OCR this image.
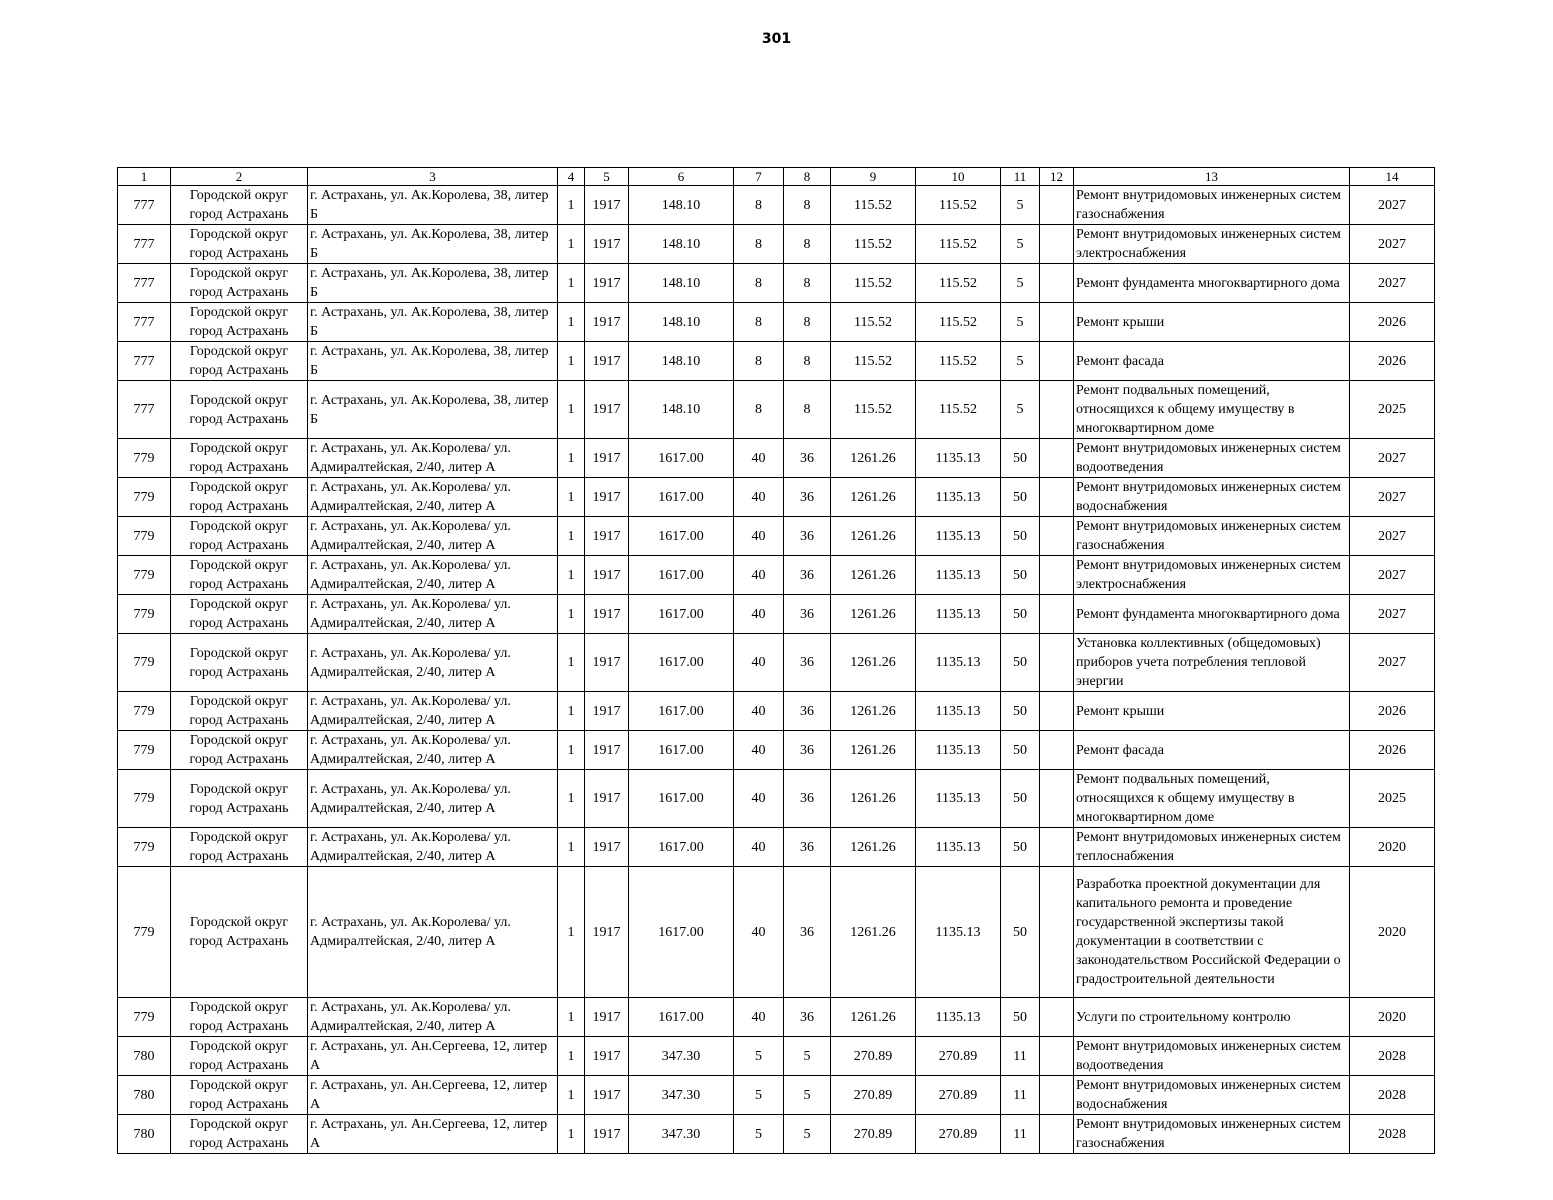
301
1	2	3	4	5	6	7	8	9	10	11	12	13	14
777	Городской округ город Астрахань	г. Астрахань, ул. Ак.Королева, 38, литер Б	1	1917	148.10	8	8	115.52	115.52	5		Ремонт внутридомовых инженерных систем газоснабжения	2027
777	Городской округ город Астрахань	г. Астрахань, ул. Ак.Королева, 38, литер Б	1	1917	148.10	8	8	115.52	115.52	5		Ремонт внутридомовых инженерных систем электроснабжения	2027
777	Городской округ город Астрахань	г. Астрахань, ул. Ак.Королева, 38, литер Б	1	1917	148.10	8	8	115.52	115.52	5		Ремонт фундамента многоквартирного дома	2027
777	Городской округ город Астрахань	г. Астрахань, ул. Ак.Королева, 38, литер Б	1	1917	148.10	8	8	115.52	115.52	5		Ремонт крыши	2026
777	Городской округ город Астрахань	г. Астрахань, ул. Ак.Королева, 38, литер Б	1	1917	148.10	8	8	115.52	115.52	5		Ремонт фасада	2026
777	Городской округ город Астрахань	г. Астрахань, ул. Ак.Королева, 38, литер Б	1	1917	148.10	8	8	115.52	115.52	5		Ремонт подвальных помещений, относящихся к общему имуществу в многоквартирном доме	2025
779	Городской округ город Астрахань	г. Астрахань, ул. Ак.Королева/ ул. Адмиралтейская, 2/40, литер А	1	1917	1617.00	40	36	1261.26	1135.13	50		Ремонт внутридомовых инженерных систем водоотведения	2027
779	Городской округ город Астрахань	г. Астрахань, ул. Ак.Королева/ ул. Адмиралтейская, 2/40, литер А	1	1917	1617.00	40	36	1261.26	1135.13	50		Ремонт внутридомовых инженерных систем водоснабжения	2027
779	Городской округ город Астрахань	г. Астрахань, ул. Ак.Королева/ ул. Адмиралтейская, 2/40, литер А	1	1917	1617.00	40	36	1261.26	1135.13	50		Ремонт внутридомовых инженерных систем газоснабжения	2027
779	Городской округ город Астрахань	г. Астрахань, ул. Ак.Королева/ ул. Адмиралтейская, 2/40, литер А	1	1917	1617.00	40	36	1261.26	1135.13	50		Ремонт внутридомовых инженерных систем электроснабжения	2027
779	Городской округ город Астрахань	г. Астрахань, ул. Ак.Королева/ ул. Адмиралтейская, 2/40, литер А	1	1917	1617.00	40	36	1261.26	1135.13	50		Ремонт фундамента многоквартирного дома	2027
779	Городской округ город Астрахань	г. Астрахань, ул. Ак.Королева/ ул. Адмиралтейская, 2/40, литер А	1	1917	1617.00	40	36	1261.26	1135.13	50		Установка коллективных (общедомовых) приборов учета потребления тепловой энергии	2027
779	Городской округ город Астрахань	г. Астрахань, ул. Ак.Королева/ ул. Адмиралтейская, 2/40, литер А	1	1917	1617.00	40	36	1261.26	1135.13	50		Ремонт крыши	2026
779	Городской округ город Астрахань	г. Астрахань, ул. Ак.Королева/ ул. Адмиралтейская, 2/40, литер А	1	1917	1617.00	40	36	1261.26	1135.13	50		Ремонт фасада	2026
779	Городской округ город Астрахань	г. Астрахань, ул. Ак.Королева/ ул. Адмиралтейская, 2/40, литер А	1	1917	1617.00	40	36	1261.26	1135.13	50		Ремонт подвальных помещений, относящихся к общему имуществу в многоквартирном доме	2025
779	Городской округ город Астрахань	г. Астрахань, ул. Ак.Королева/ ул. Адмиралтейская, 2/40, литер А	1	1917	1617.00	40	36	1261.26	1135.13	50		Ремонт внутридомовых инженерных систем теплоснабжения	2020
779	Городской округ город Астрахань	г. Астрахань, ул. Ак.Королева/ ул. Адмиралтейская, 2/40, литер А	1	1917	1617.00	40	36	1261.26	1135.13	50		Разработка проектной документации для капитального ремонта и проведение государственной экспертизы такой документации в соответствии с законодательством Российской Федерации о градостроительной деятельности	2020
779	Городской округ город Астрахань	г. Астрахань, ул. Ак.Королева/ ул. Адмиралтейская, 2/40, литер А	1	1917	1617.00	40	36	1261.26	1135.13	50		Услуги по строительному контролю	2020
780	Городской округ город Астрахань	г. Астрахань, ул. Ан.Сергеева, 12, литер А	1	1917	347.30	5	5	270.89	270.89	11		Ремонт внутридомовых инженерных систем водоотведения	2028
780	Городской округ город Астрахань	г. Астрахань, ул. Ан.Сергеева, 12, литер А	1	1917	347.30	5	5	270.89	270.89	11		Ремонт внутридомовых инженерных систем водоснабжения	2028
780	Городской округ город Астрахань	г. Астрахань, ул. Ан.Сергеева, 12, литер А	1	1917	347.30	5	5	270.89	270.89	11		Ремонт внутридомовых инженерных систем газоснабжения	2028
